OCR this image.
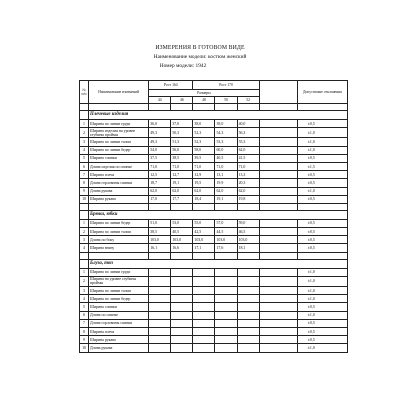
ИЗМЕРЕНИЯ В ГОТОВОМ ВИДЕ
Наименование модели: костюм женский
Номер модели: 1942
№ п/п	Наименование изменений	Рост 164		Рост 170				Допустимые отклонения
		Размеры						
		44	46	48	50	52		

	Плечевые изделия							
1	Ширина по линии груди	36,0	37,0	38,0	39,0	40,0		±0,5
2	Ширина изделия на уровне глубины проймы	49,3	50,3	52,3	54,3	56,3		±1,0
3	Ширина по линии талии	49,3	51,3	52,3	53,3	55,3		±1,0
4	Ширина по линии бедер	54,0	56,0	58,0	60,0	62,0		±1,0
5	Ширина спинки	37,5	38,5	39,5	40,5	41,5		±0,5
6	Длина изделия по спинке	71,0	71,0	71,0	71,0	71,0		±1,5
7	Ширина плеча	12,5	12,7	12,9	13,1	13,3		±0,5
8	Длина горловины спинки	18,7	19,1	19,5	19,9	20,3		±0,5
9	Длина рукава	62,0	62,0	62,0	62,0	62,0		±1,0
10	Ширина рукава	17,0	17,7	18,4	19,1	19,8		±0,5

	Брюки, юбки							
1	Ширина по линии бедер	51,0	53,0	55,0	57,0	59,0		±0,5
2	Ширина по линии талии	38,5	40,5	42,5	44,5	46,5		±0,5
3	Длина по боку	103,0	103,0	103,0	103,0	103,0		±0,5
4	Ширина внизу	16,1	16,6	17,1	17,6	18,1		±0,5

	Блуза, топ							
1	Ширина по линии груди							±1,0
2	Ширина на уровне глубины проймы							±1,0
3	Ширина по линии талии							±1,0
4	Ширина по линии бедер							±1,0
5	Ширина спинки							±0,5
6	Длина по спинке							±1,0
7	Длина горловины спинки							±0,5
8	Ширина плеча							±0,5
9	Ширина рукава							±0,5
10	Длина рукава							±1,0
